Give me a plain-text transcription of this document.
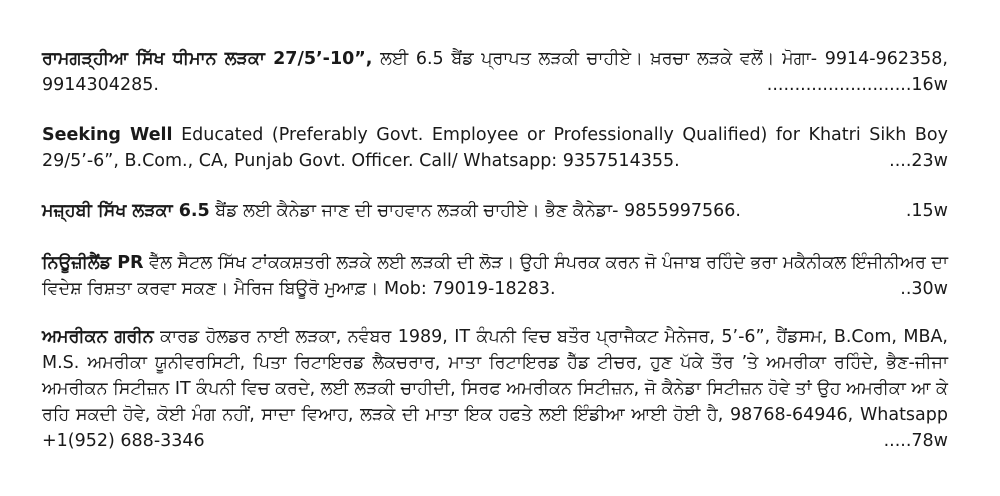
ਰਾਮਗੜ੍ਹੀਆ ਸਿੱਖ ਧੀਮਾਨ ਲੜਕਾ 27/5’-10”, ਲਈ 6.5 ਬੈਂਡ ਪ੍ਰਾਪਤ ਲੜਕੀ ਚਾਹੀਏ। ਖ਼ਰਚਾ ਲੜਕੇ ਵਲੋਂ। ਮੋਗਾ- 9914-962358, 9914304285.	..........................16w

Seeking Well Educated (Preferably Govt. Employee or Professionally Qualified) for Khatri Sikh Boy 29/5’-6”, B.Com., CA, Punjab Govt. Officer. Call/ Whatsapp: 9357514355.	....23w

ਮਜ਼੍ਹਬੀ ਸਿੱਖ ਲੜਕਾ 6.5 ਬੈਂਡ ਲਈ ਕੈਨੇਡਾ ਜਾਣ ਦੀ ਚਾਹਵਾਨ ਲੜਕੀ ਚਾਹੀਏ। ਭੈਣ ਕੈਨੇਡਾ- 9855997566.	.15w

ਨਿਊਜ਼ੀਲੈਂਡ PR ਵੈੱਲ ਸੈਟਲ ਸਿੱਖ ਟਾਂਕਕਸ਼ਤਰੀ ਲੜਕੇ ਲਈ ਲੜਕੀ ਦੀ ਲੋੜ। ਉਹੀ ਸੰਪਰਕ ਕਰਨ ਜੋ ਪੰਜਾਬ ਰਹਿੰਦੇ ਭਰਾ ਮਕੈਨੀਕਲ ਇੰਜੀਨੀਅਰ ਦਾ ਵਿਦੇਸ਼ ਰਿਸ਼ਤਾ ਕਰਵਾ ਸਕਣ। ਮੈਰਿਜ ਬਿਊਰੋ ਮੁਆਫ਼। Mob: 79019-18283.	..30w

ਅਮਰੀਕਨ ਗਰੀਨ ਕਾਰਡ ਹੋਲਡਰ ਨਾਈ ਲੜਕਾ, ਨਵੰਬਰ 1989, IT ਕੰਪਨੀ ਵਿਚ ਬਤੌਰ ਪ੍ਰਾਜੈਕਟ ਮੈਨੇਜਰ, 5’-6”, ਹੈਂਡਸਮ, B.Com, MBA, M.S. ਅਮਰੀਕਾ ਯੂਨੀਵਰਸਿਟੀ, ਪਿਤਾ ਰਿਟਾਇਰਡ ਲੈਕਚਰਾਰ, ਮਾਤਾ ਰਿਟਾਇਰਡ ਹੈੱਡ ਟੀਚਰ, ਹੁਣ ਪੱਕੇ ਤੌਰ ’ਤੇ ਅਮਰੀਕਾ ਰਹਿੰਦੇ, ਭੈਣ-ਜੀਜਾ ਅਮਰੀਕਨ ਸਿਟੀਜ਼ਨ IT ਕੰਪਨੀ ਵਿਚ ਕਰਦੇ, ਲਈ ਲੜਕੀ ਚਾਹੀਦੀ, ਸਿਰਫ ਅਮਰੀਕਨ ਸਿਟੀਜ਼ਨ, ਜੋ ਕੈਨੇਡਾ ਸਿਟੀਜ਼ਨ ਹੋਵੇ ਤਾਂ ਉਹ ਅਮਰੀਕਾ ਆ ਕੇ ਰਹਿ ਸਕਦੀ ਹੋਵੇ, ਕੋਈ ਮੰਗ ਨਹੀਂ, ਸਾਦਾ ਵਿਆਹ, ਲੜਕੇ ਦੀ ਮਾਤਾ ਇਕ ਹਫਤੇ ਲਈ ਇੰਡੀਆ ਆਈ ਹੋਈ ਹੈ, 98768-64946, Whatsapp +1(952) 688-3346	.....78w
